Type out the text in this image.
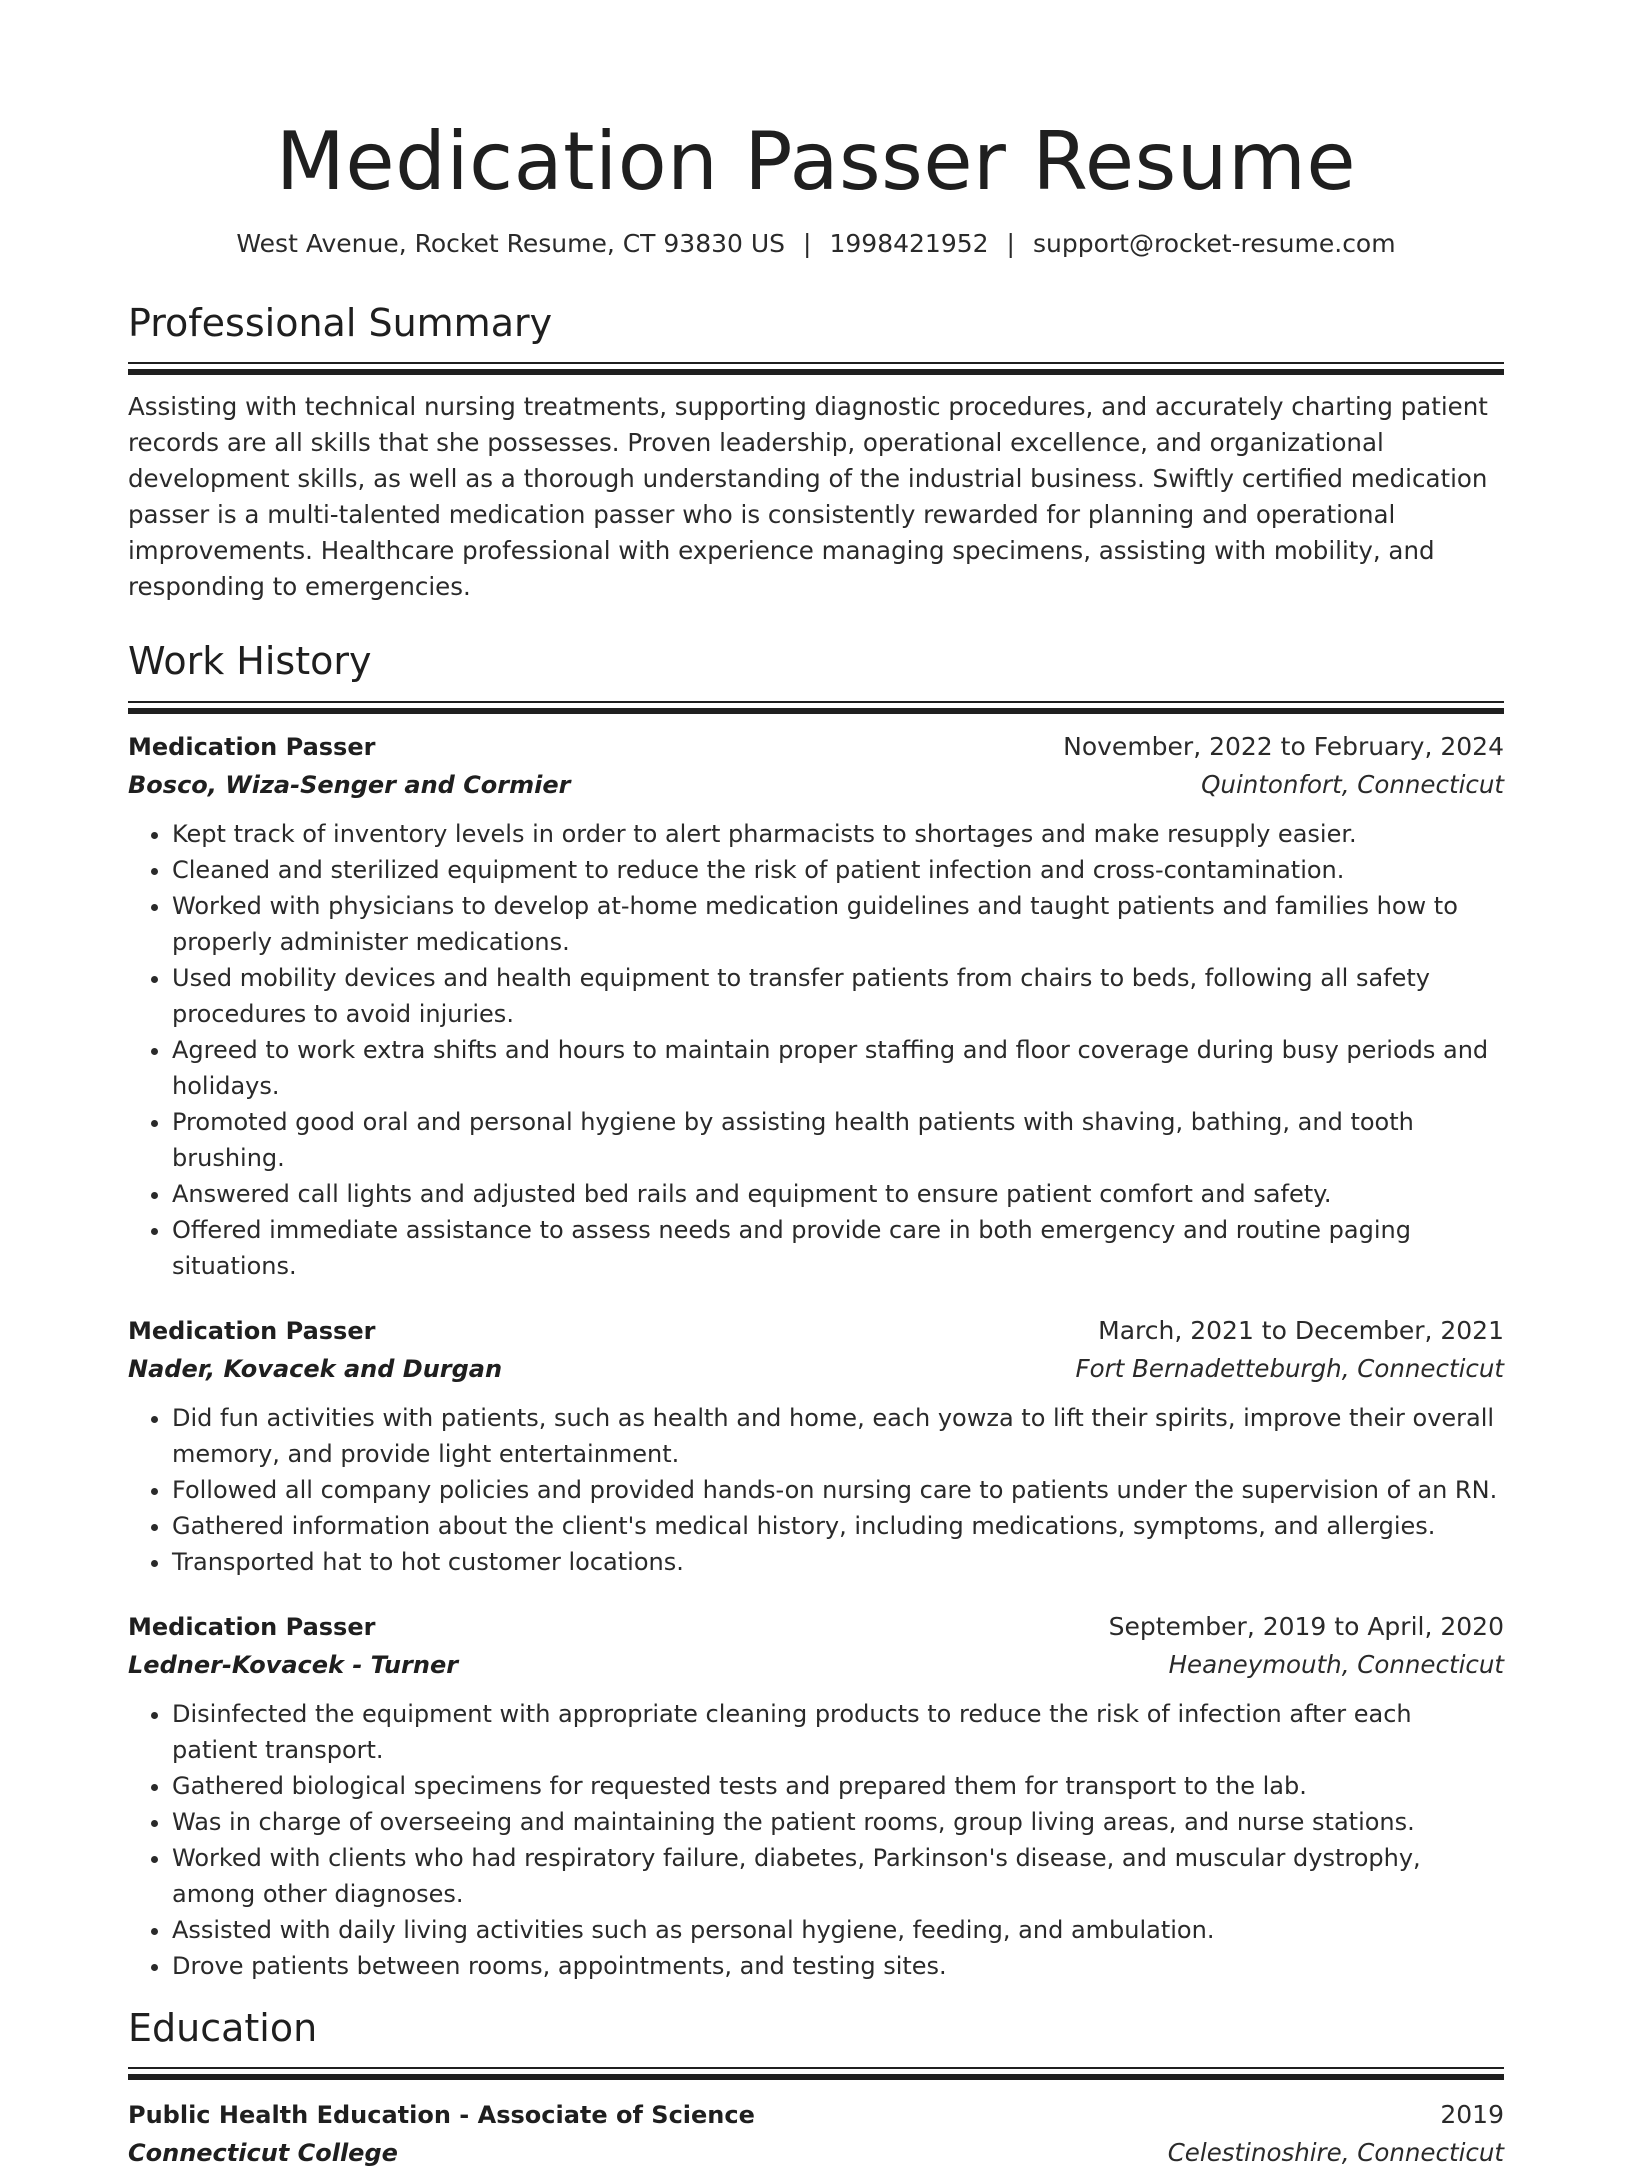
Medication Passer Resume
West Avenue, Rocket Resume, CT 93830 US | 1998421952 | support@rocket-resume.com
Professional Summary

Assisting with technical nursing treatments, supporting diagnostic procedures, and accurately charting patient records are all skills that she possesses. Proven leadership, operational excellence, and organizational development skills, as well as a thorough understanding of the industrial business. Swiftly certified medication passer is a multi-talented medication passer who is consistently rewarded for planning and operational improvements. Healthcare professional with experience managing specimens, assisting with mobility, and responding to emergencies.

Work History
Medication Passer	November, 2022 to February, 2024
Bosco, Wiza-Senger and Cormier	Quintonfort, Connecticut
• Kept track of inventory levels in order to alert pharmacists to shortages and make resupply easier.
• Cleaned and sterilized equipment to reduce the risk of patient infection and cross-contamination.
• Worked with physicians to develop at-home medication guidelines and taught patients and families how to properly administer medications.
• Used mobility devices and health equipment to transfer patients from chairs to beds, following all safety procedures to avoid injuries.
• Agreed to work extra shifts and hours to maintain proper staffing and floor coverage during busy periods and holidays.
• Promoted good oral and personal hygiene by assisting health patients with shaving, bathing, and tooth brushing.
• Answered call lights and adjusted bed rails and equipment to ensure patient comfort and safety.
• Offered immediate assistance to assess needs and provide care in both emergency and routine paging situations.
Medication Passer	March, 2021 to December, 2021
Nader, Kovacek and Durgan	Fort Bernadetteburgh, Connecticut
• Did fun activities with patients, such as health and home, each yowza to lift their spirits, improve their overall memory, and provide light entertainment.
• Followed all company policies and provided hands-on nursing care to patients under the supervision of an RN.
• Gathered information about the client's medical history, including medications, symptoms, and allergies.
• Transported hat to hot customer locations.
Medication Passer	September, 2019 to April, 2020
Ledner-Kovacek - Turner	Heaneymouth, Connecticut
• Disinfected the equipment with appropriate cleaning products to reduce the risk of infection after each patient transport.
• Gathered biological specimens for requested tests and prepared them for transport to the lab.
• Was in charge of overseeing and maintaining the patient rooms, group living areas, and nurse stations.
• Worked with clients who had respiratory failure, diabetes, Parkinson's disease, and muscular dystrophy, among other diagnoses.
• Assisted with daily living activities such as personal hygiene, feeding, and ambulation.
• Drove patients between rooms, appointments, and testing sites.
Education
Public Health Education - Associate of Science	2019
Connecticut College	Celestinoshire, Connecticut
